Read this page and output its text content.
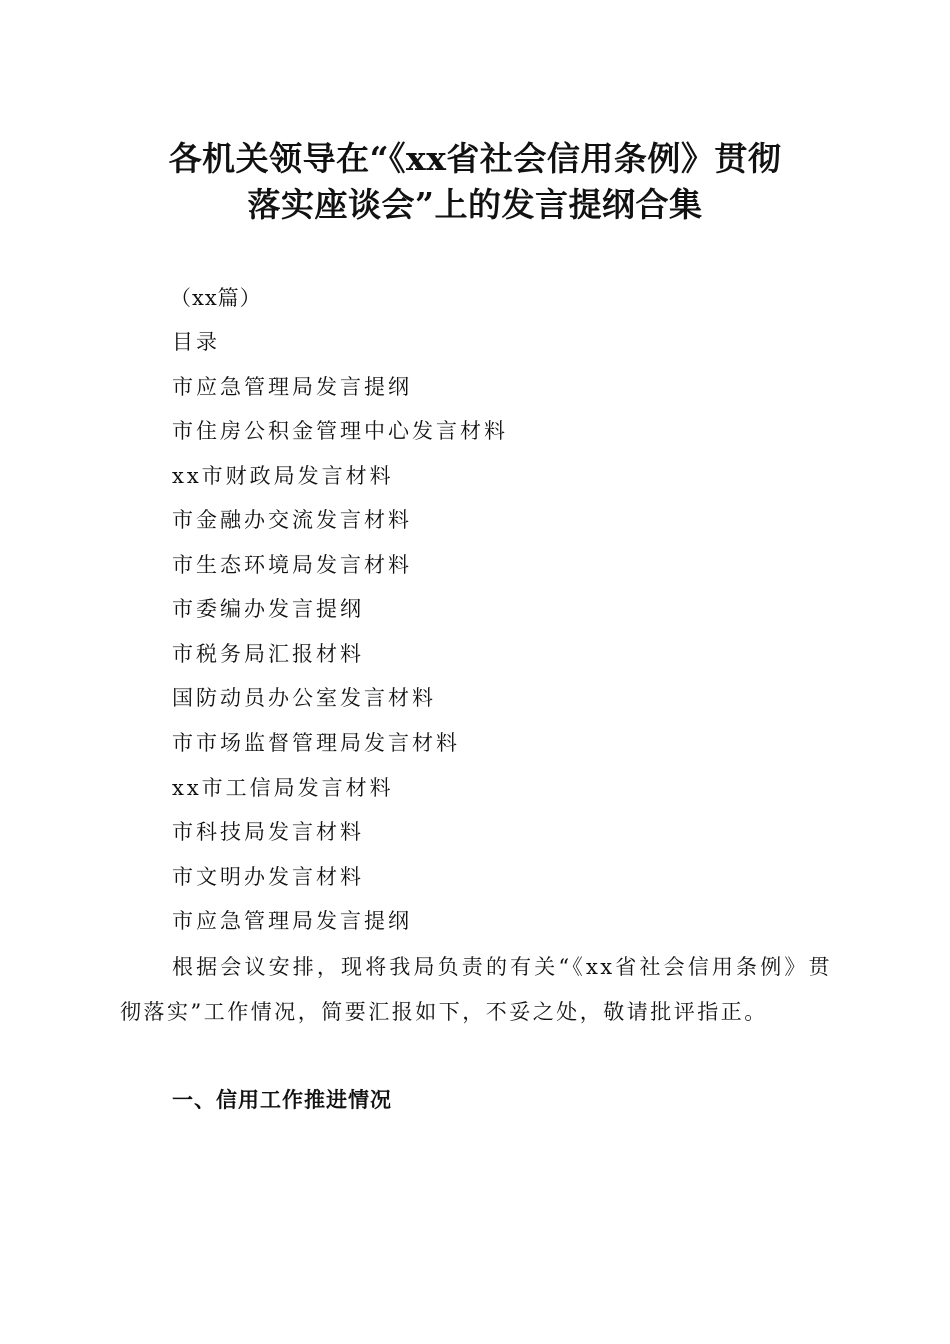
各机关领导在“《xx省社会信用条例》贯彻
落实座谈会”上的发言提纲合集
（xx篇）
目录
市应急管理局发言提纲
市住房公积金管理中心发言材料
xx市财政局发言材料
市金融办交流发言材料
市生态环境局发言材料
市委编办发言提纲
市税务局汇报材料
国防动员办公室发言材料
市市场监督管理局发言材料
xx市工信局发言材料
市科技局发言材料
市文明办发言材料
市应急管理局发言提纲

根据会议安排，现将我局负责的有关“《xx省社会信用条例》贯彻落实”工作情况，简要汇报如下，不妥之处，敬请批评指正。

一、信用工作推进情况
